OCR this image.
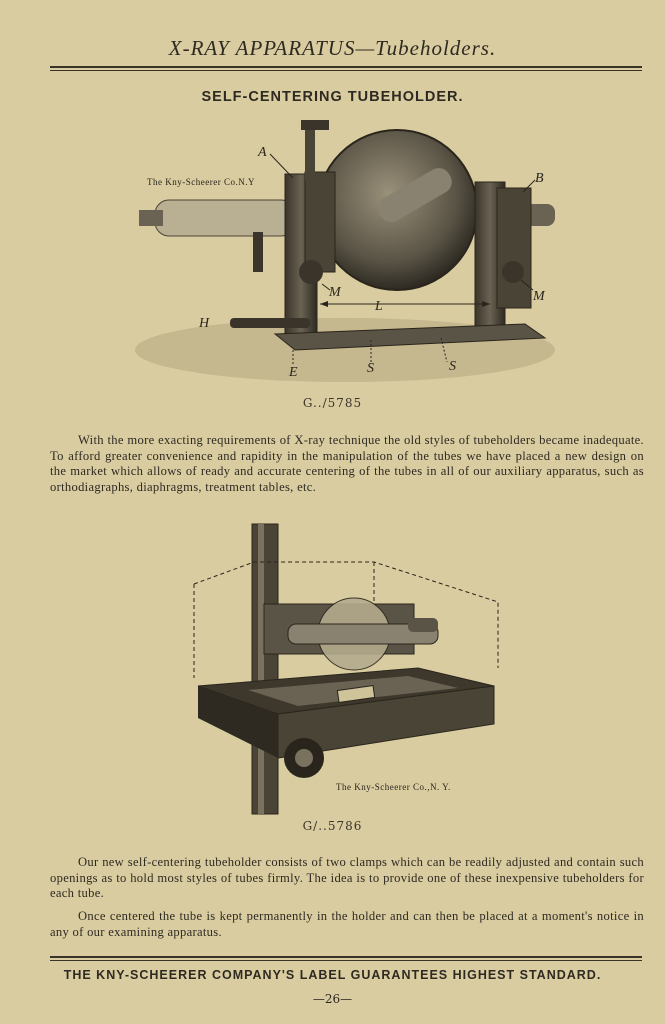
X-RAY APPARATUS—Tubeholders.
SELF-CENTERING TUBEHOLDER.
The Kny-Scheerer Co.N.Y
A
B
M	M
L
H
E	S	S
G../5785
With the more exacting requirements of X-ray technique the old styles of tubeholders became inadequate. To afford greater convenience and rapidity in the manipulation of the tubes we have placed a new design on the market which allows of ready and accurate centering of the tubes in all of our auxiliary apparatus, such as orthodiagraphs, diaphragms, treatment tables, etc.
The Kny-Scheerer Co.,N. Y.
G/..5786
Our new self-centering tubeholder consists of two clamps which can be readily adjusted and contain such openings as to hold most styles of tubes firmly. The idea is to provide one of these inexpensive tubeholders for each tube.
Once centered the tube is kept permanently in the holder and can then be placed at a moment's notice in any of our examining apparatus.
THE KNY-SCHEERER COMPANY'S LABEL GUARANTEES HIGHEST STANDARD.
—26—
